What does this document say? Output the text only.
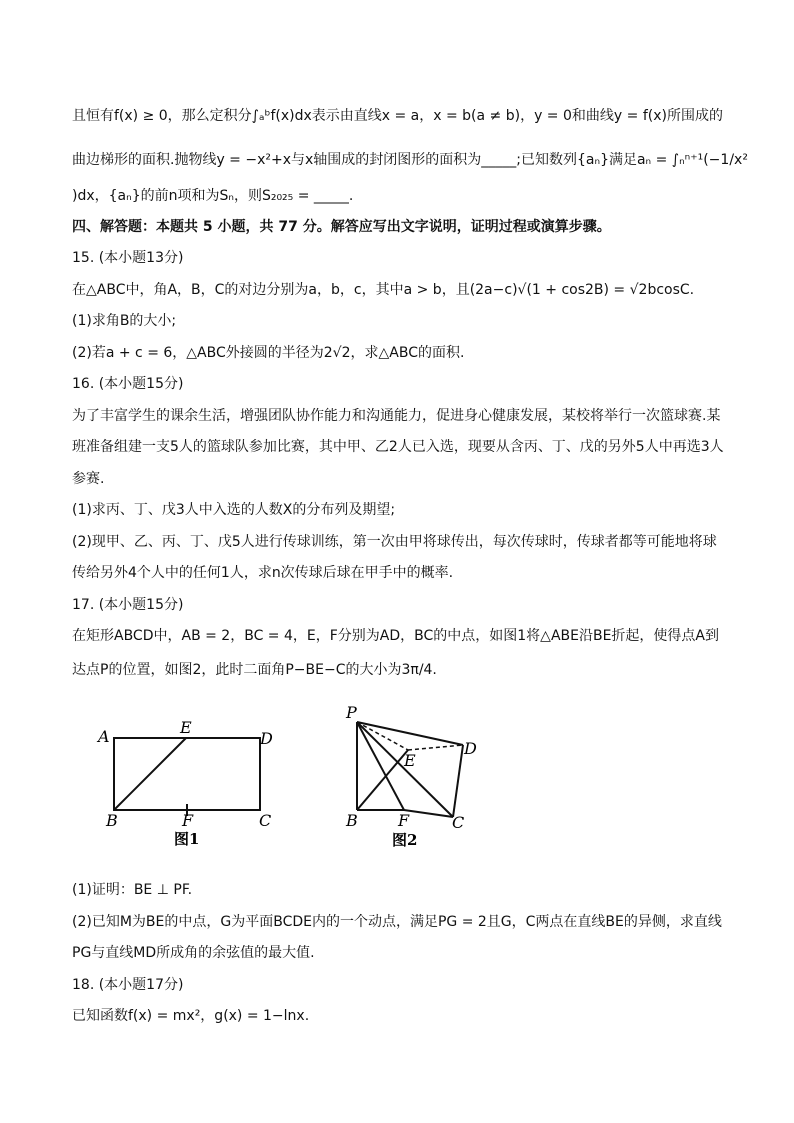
且恒有f(x) ≥ 0，那么定积分∫ₐᵇf(x)dx表示由直线x = a，x = b(a ≠ b)，y = 0和曲线y = f(x)所围成的
曲边梯形的面积.抛物线y = −x²+x与x轴围成的封闭图形的面积为_____;已知数列{aₙ}满足aₙ = ∫ₙⁿ⁺¹(−1/x²
)dx，{aₙ}的前n项和为Sₙ，则S₂₀₂₅ = _____.
四、解答题：本题共 5 小题，共 77 分。解答应写出文字说明，证明过程或演算步骤。
15. (本小题13分)
在△ABC中，角A，B，C的对边分别为a，b，c，其中a > b，且(2a−c)√(1 + cos2B) = √2bcosC.
(1)求角B的大小;
(2)若a + c = 6，△ABC外接圆的半径为2√2，求△ABC的面积.
16. (本小题15分)
为了丰富学生的课余生活，增强团队协作能力和沟通能力，促进身心健康发展，某校将举行一次篮球赛.某
班准备组建一支5人的篮球队参加比赛，其中甲、乙2人已入选，现要从含丙、丁、戊的另外5人中再选3人
参赛.
(1)求丙、丁、戊3人中入选的人数X的分布列及期望;
(2)现甲、乙、丙、丁、戊5人进行传球训练，第一次由甲将球传出，每次传球时，传球者都等可能地将球
传给另外4个人中的任何1人，求n次传球后球在甲手中的概率.
17. (本小题15分)
在矩形ABCD中，AB = 2，BC = 4，E，F分别为AD，BC的中点，如图1将△ABE沿BE折起，使得点A到
达点P的位置，如图2，此时二面角P−BE−C的大小为3π/4.
A	E
D
B	F	C
图1
P
E
D
B	F	C
图2
(1)证明：BE ⊥ PF.
(2)已知M为BE的中点，G为平面BCDE内的一个动点，满足PG = 2且G，C两点在直线BE的异侧，求直线
PG与直线MD所成角的余弦值的最大值.
18. (本小题17分)
已知函数f(x) = mx²，g(x) = 1−lnx.
